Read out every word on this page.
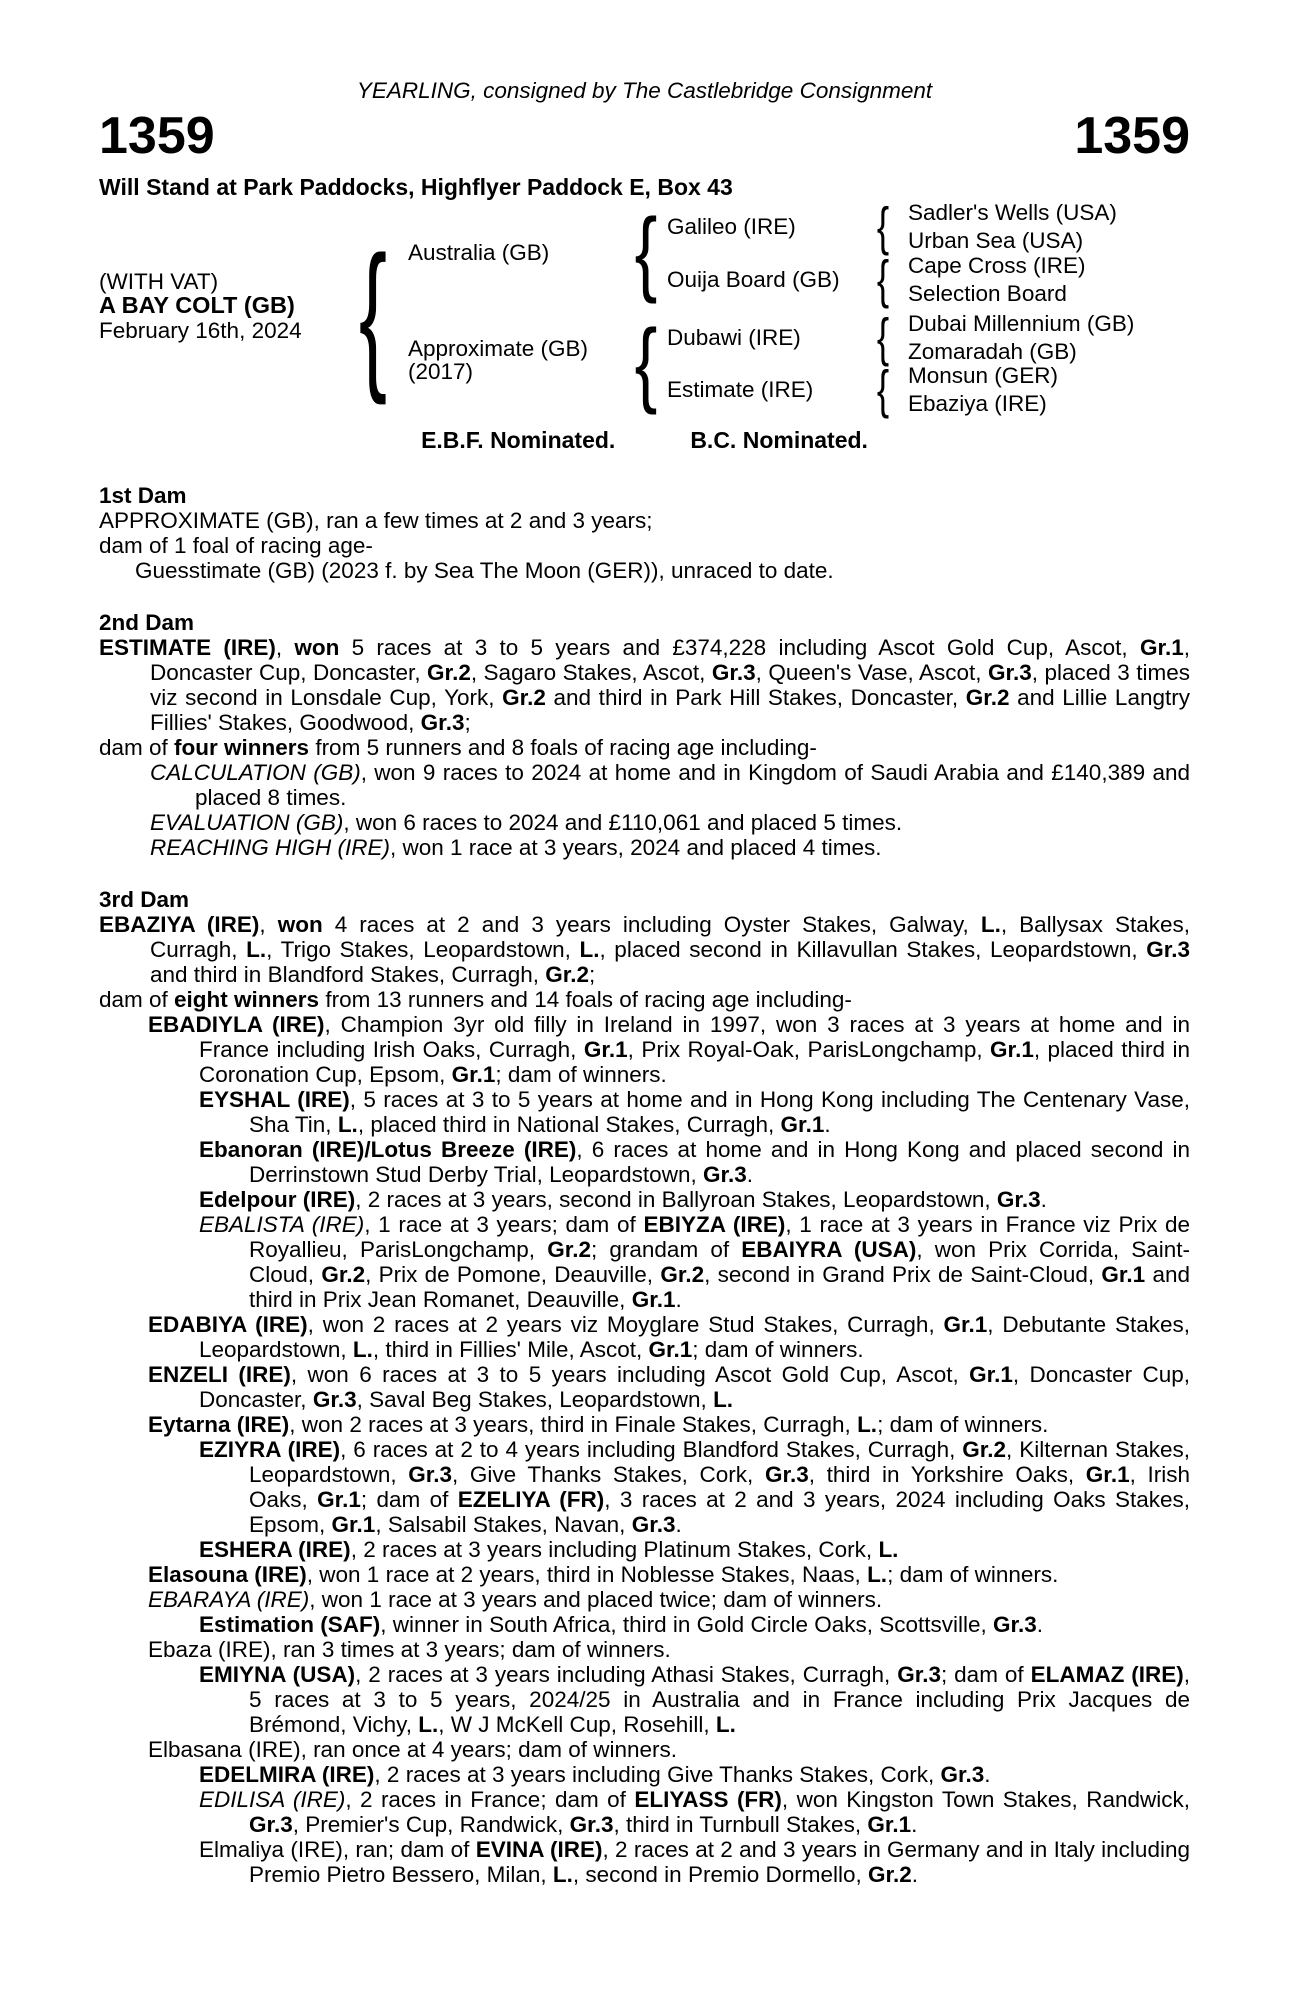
YEARLING, consigned by The Castlebridge Consignment
1359	1359
Will Stand at Park Paddocks, Highflyer Paddock E, Box 43
(WITH VAT)
A BAY COLT (GB)
February 16th, 2024 { Australia (GB)
Approximate (GB)
(2017)
{
{
Galileo (IRE)
Ouija Board (GB)
Dubawi (IRE)
Estimate (IRE)
{
{
{
{
Sadler's Wells (USA)
Urban Sea (USA)
Cape Cross (IRE)
Selection Board
Dubai Millennium (GB)
Zomaradah (GB)
Monsun (GER)
Ebaziya (IRE)
E.B.F. Nominated.	B.C. Nominated.
1st Dam
APPROXIMATE (GB), ran a few times at 2 and 3 years;
dam of 1 foal of racing age-
Guesstimate (GB) (2023 f. by Sea The Moon (GER)), unraced to date.
2nd Dam
ESTIMATE (IRE), won 5 races at 3 to 5 years and £374,228 including Ascot Gold Cup, Ascot, Gr.1, Doncaster Cup, Doncaster, Gr.2, Sagaro Stakes, Ascot, Gr.3, Queen's Vase, Ascot, Gr.3, placed 3 times viz second in Lonsdale Cup, York, Gr.2 and third in Park Hill Stakes, Doncaster, Gr.2 and Lillie Langtry Fillies' Stakes, Goodwood, Gr.3;
dam of four winners from 5 runners and 8 foals of racing age including-
CALCULATION (GB), won 9 races to 2024 at home and in Kingdom of Saudi Arabia and £140,389 and placed 8 times.
EVALUATION (GB), won 6 races to 2024 and £110,061 and placed 5 times.
REACHING HIGH (IRE), won 1 race at 3 years, 2024 and placed 4 times.
3rd Dam
EBAZIYA (IRE), won 4 races at 2 and 3 years including Oyster Stakes, Galway, L., Ballysax Stakes, Curragh, L., Trigo Stakes, Leopardstown, L., placed second in Killavullan Stakes, Leopardstown, Gr.3 and third in Blandford Stakes, Curragh, Gr.2;
dam of eight winners from 13 runners and 14 foals of racing age including-
EBADIYLA (IRE), Champion 3yr old filly in Ireland in 1997, won 3 races at 3 years at home and in France including Irish Oaks, Curragh, Gr.1, Prix Royal-Oak, ParisLongchamp, Gr.1, placed third in Coronation Cup, Epsom, Gr.1; dam of winners.
EYSHAL (IRE), 5 races at 3 to 5 years at home and in Hong Kong including The Centenary Vase, Sha Tin, L., placed third in National Stakes, Curragh, Gr.1.
Ebanoran (IRE)/Lotus Breeze (IRE), 6 races at home and in Hong Kong and placed second in Derrinstown Stud Derby Trial, Leopardstown, Gr.3.
Edelpour (IRE), 2 races at 3 years, second in Ballyroan Stakes, Leopardstown, Gr.3.
EBALISTA (IRE), 1 race at 3 years; dam of EBIYZA (IRE), 1 race at 3 years in France viz Prix de Royallieu, ParisLongchamp, Gr.2; grandam of EBAIYRA (USA), won Prix Corrida, Saint-Cloud, Gr.2, Prix de Pomone, Deauville, Gr.2, second in Grand Prix de Saint-Cloud, Gr.1 and third in Prix Jean Romanet, Deauville, Gr.1.
EDABIYA (IRE), won 2 races at 2 years viz Moyglare Stud Stakes, Curragh, Gr.1, Debutante Stakes, Leopardstown, L., third in Fillies' Mile, Ascot, Gr.1; dam of winners.
ENZELI (IRE), won 6 races at 3 to 5 years including Ascot Gold Cup, Ascot, Gr.1, Doncaster Cup, Doncaster, Gr.3, Saval Beg Stakes, Leopardstown, L.
Eytarna (IRE), won 2 races at 3 years, third in Finale Stakes, Curragh, L.; dam of winners.
EZIYRA (IRE), 6 races at 2 to 4 years including Blandford Stakes, Curragh, Gr.2, Kilternan Stakes, Leopardstown, Gr.3, Give Thanks Stakes, Cork, Gr.3, third in Yorkshire Oaks, Gr.1, Irish Oaks, Gr.1; dam of EZELIYA (FR), 3 races at 2 and 3 years, 2024 including Oaks Stakes, Epsom, Gr.1, Salsabil Stakes, Navan, Gr.3.
ESHERA (IRE), 2 races at 3 years including Platinum Stakes, Cork, L.
Elasouna (IRE), won 1 race at 2 years, third in Noblesse Stakes, Naas, L.; dam of winners.
EBARAYA (IRE), won 1 race at 3 years and placed twice; dam of winners.
Estimation (SAF), winner in South Africa, third in Gold Circle Oaks, Scottsville, Gr.3.
Ebaza (IRE), ran 3 times at 3 years; dam of winners.
EMIYNA (USA), 2 races at 3 years including Athasi Stakes, Curragh, Gr.3; dam of ELAMAZ (IRE), 5 races at 3 to 5 years, 2024/25 in Australia and in France including Prix Jacques de Brémond, Vichy, L., W J McKell Cup, Rosehill, L.
Elbasana (IRE), ran once at 4 years; dam of winners.
EDELMIRA (IRE), 2 races at 3 years including Give Thanks Stakes, Cork, Gr.3.
EDILISA (IRE), 2 races in France; dam of ELIYASS (FR), won Kingston Town Stakes, Randwick, Gr.3, Premier's Cup, Randwick, Gr.3, third in Turnbull Stakes, Gr.1.
Elmaliya (IRE), ran; dam of EVINA (IRE), 2 races at 2 and 3 years in Germany and in Italy including Premio Pietro Bessero, Milan, L., second in Premio Dormello, Gr.2.
